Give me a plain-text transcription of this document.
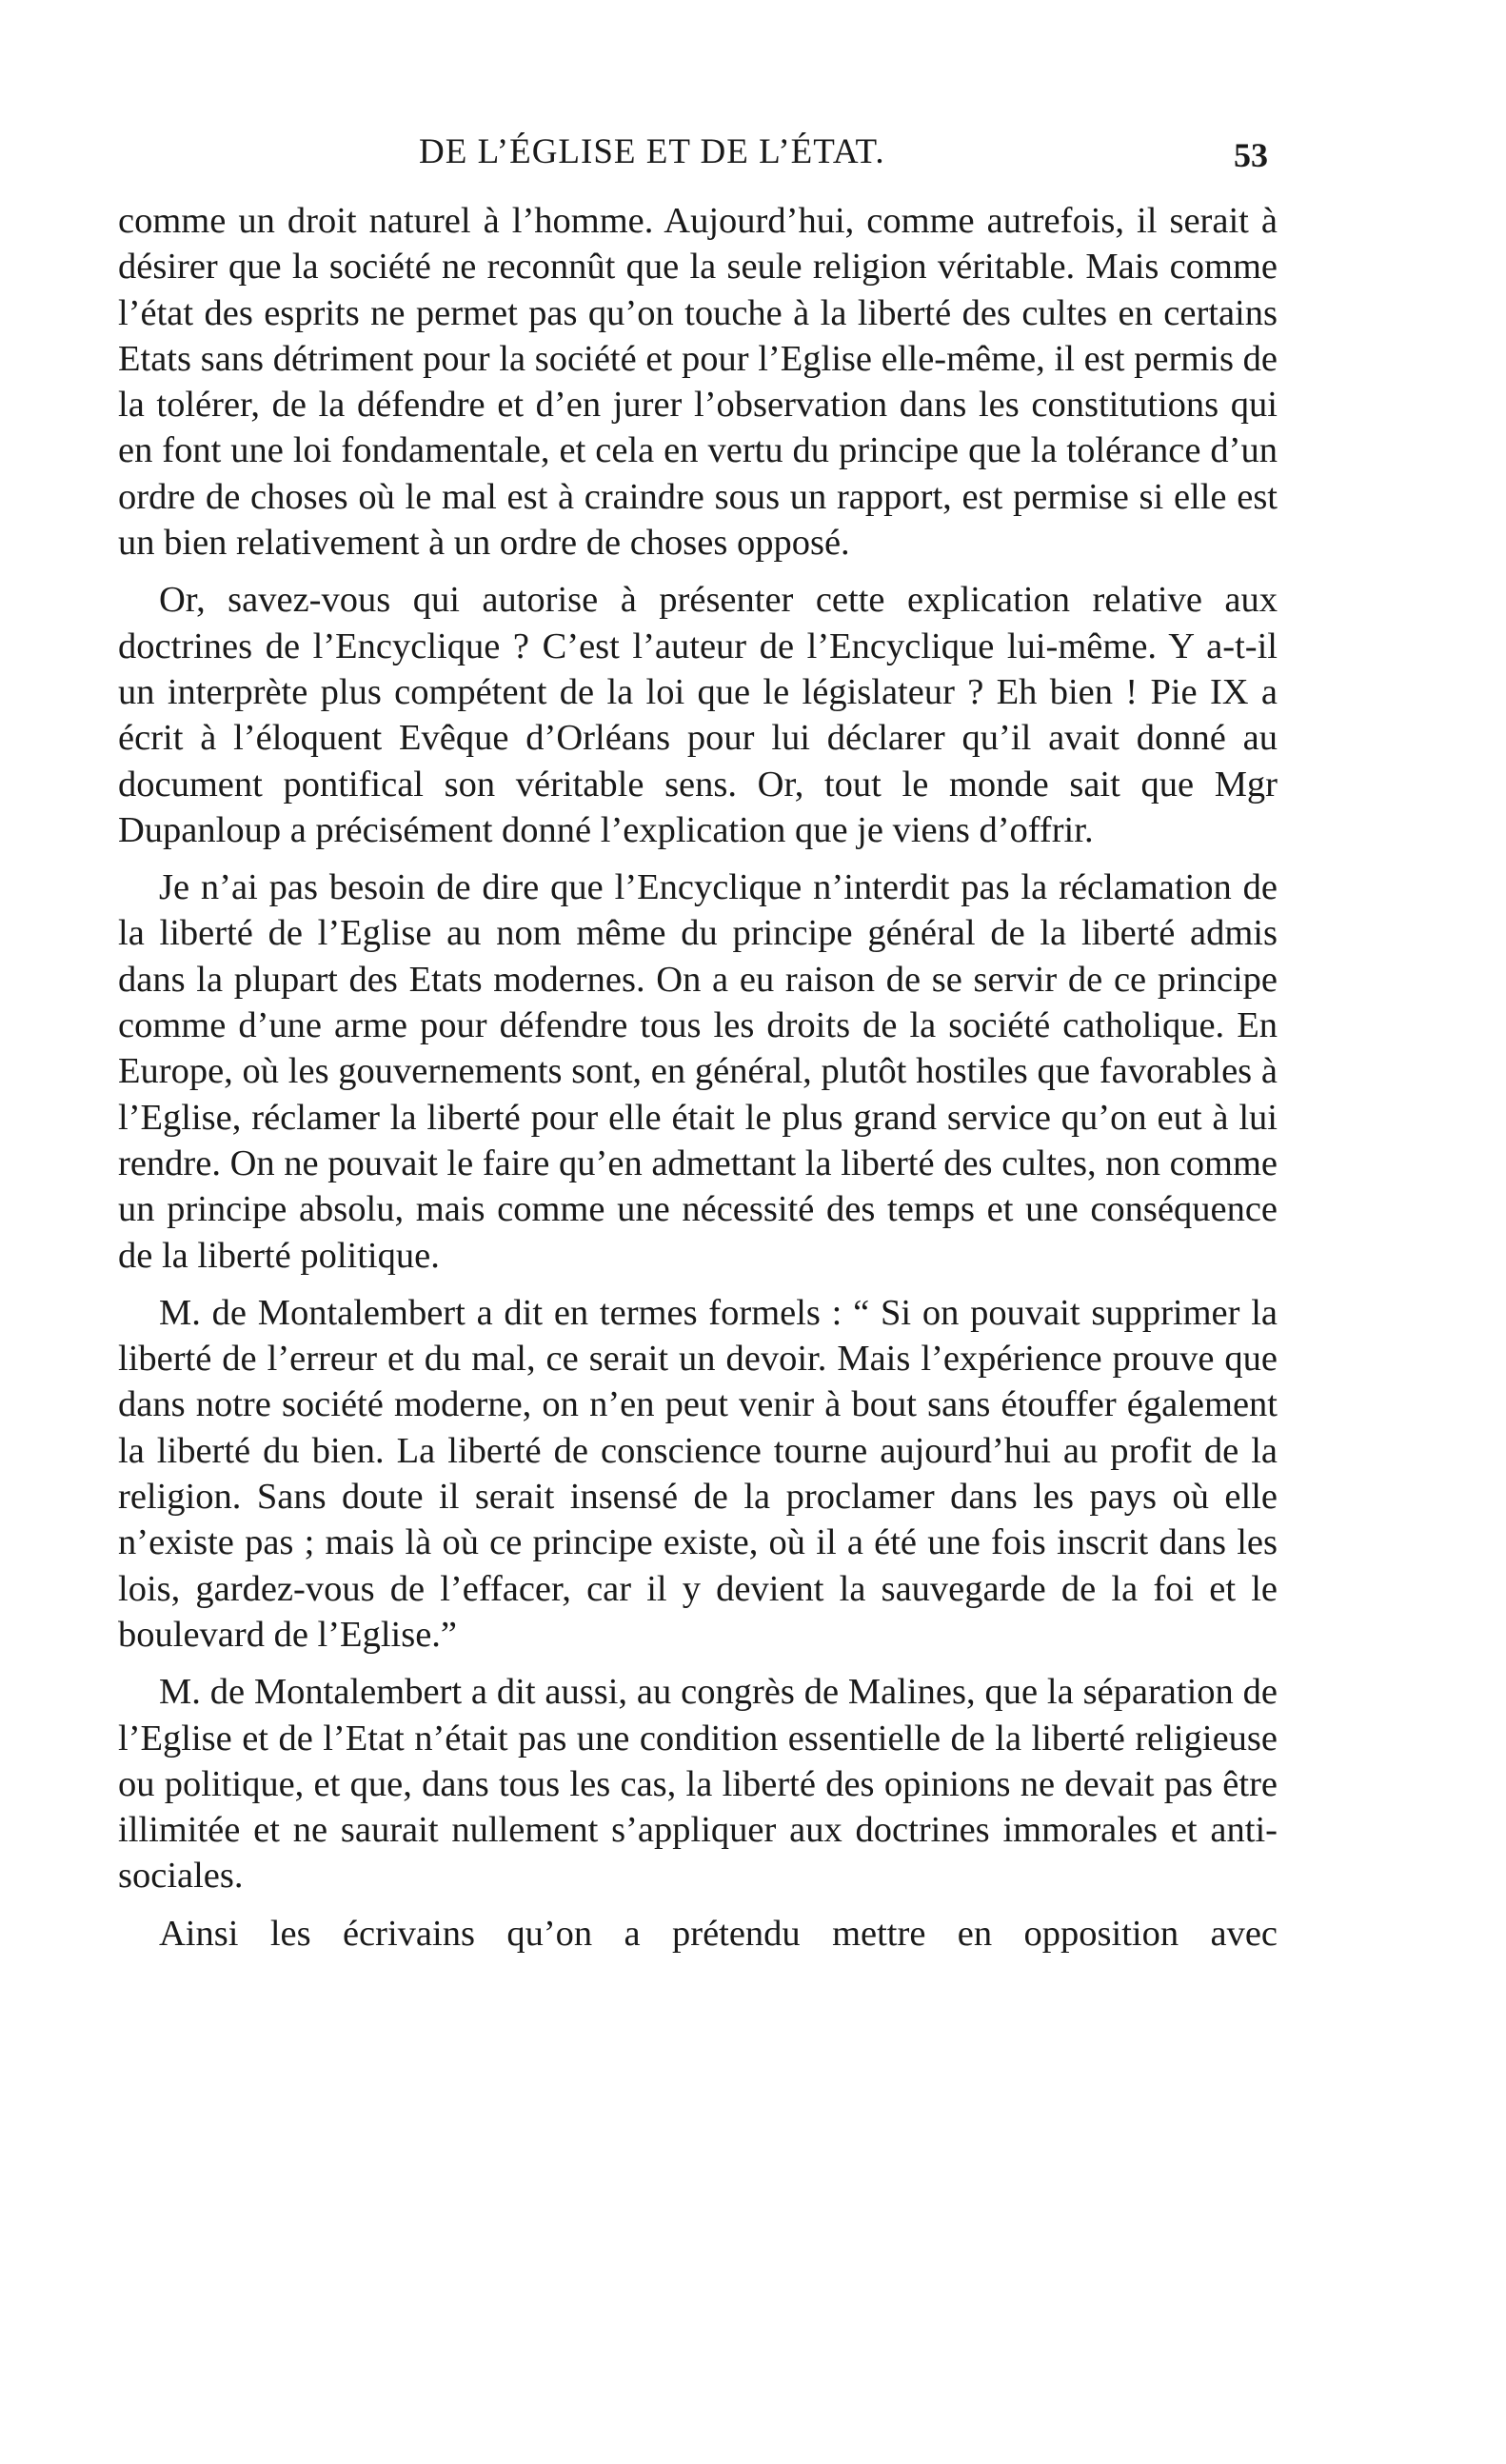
DE L’ÉGLISE ET DE L’ÉTAT.	53

comme un droit naturel à l’homme. Aujourd’hui, comme autrefois, il serait à désirer que la société ne reconnût que la seule religion véritable. Mais comme l’état des esprits ne permet pas qu’on touche à la liberté des cultes en certains Etats sans détriment pour la société et pour l’Eglise elle-même, il est permis de la tolérer, de la défendre et d’en jurer l’observation dans les constitutions qui en font une loi fondamentale, et cela en vertu du principe que la tolérance d’un ordre de choses où le mal est à craindre sous un rapport, est permise si elle est un bien relativement à un ordre de choses opposé.

Or, savez-vous qui autorise à présenter cette explication relative aux doctrines de l’Encyclique ? C’est l’auteur de l’Encyclique lui-même. Y a-t-il un interprète plus compétent de la loi que le législateur ? Eh bien ! Pie IX a écrit à l’éloquent Evêque d’Orléans pour lui déclarer qu’il avait donné au document pontifical son véritable sens. Or, tout le monde sait que Mgr Dupanloup a précisément donné l’explication que je viens d’offrir.

Je n’ai pas besoin de dire que l’Encyclique n’interdit pas la réclamation de la liberté de l’Eglise au nom même du principe général de la liberté admis dans la plupart des Etats modernes. On a eu raison de se servir de ce principe comme d’une arme pour défendre tous les droits de la société catholique. En Europe, où les gouvernements sont, en général, plutôt hostiles que favorables à l’Eglise, réclamer la liberté pour elle était le plus grand service qu’on eut à lui rendre. On ne pouvait le faire qu’en admettant la liberté des cultes, non comme un principe absolu, mais comme une nécessité des temps et une conséquence de la liberté politique.

M. de Montalembert a dit en termes formels : “ Si on pouvait supprimer la liberté de l’erreur et du mal, ce serait un devoir. Mais l’expérience prouve que dans notre société moderne, on n’en peut venir à bout sans étouffer également la liberté du bien. La liberté de conscience tourne aujourd’hui au profit de la religion. Sans doute il serait insensé de la proclamer dans les pays où elle n’existe pas ; mais là où ce principe existe, où il a été une fois inscrit dans les lois, gardez-vous de l’effacer, car il y devient la sauvegarde de la foi et le boulevard de l’Eglise.”

M. de Montalembert a dit aussi, au congrès de Malines, que la séparation de l’Eglise et de l’Etat n’était pas une condition essentielle de la liberté religieuse ou politique, et que, dans tous les cas, la liberté des opinions ne devait pas être illimitée et ne saurait nullement s’appliquer aux doctrines immorales et anti-sociales.

Ainsi les écrivains qu’on a prétendu mettre en opposition avec
